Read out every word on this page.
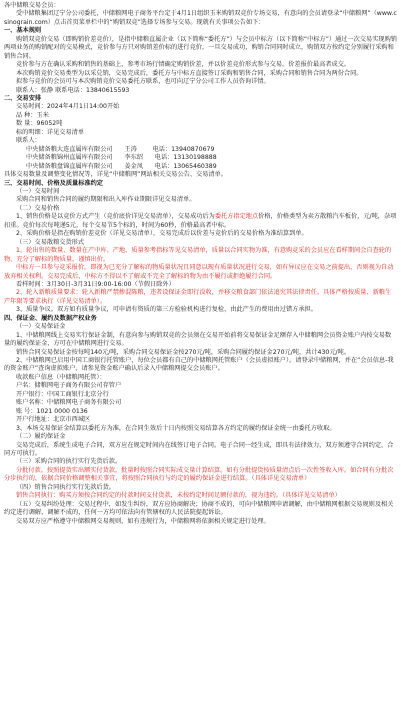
各中储粮交易会员：

受中储粮集团辽宁分公司委托，中储粮网电子商务平台定于4月1日组织玉米购销双竞价专场交易，有意向的会员请登录“中储粮网”（www.csinograin.com）点击首页菜单栏中的“购销双竞”选择专场参与交易。现就有关事项公告如下：

一、基本规则

购销双竞价交易（即购销价差竞价），是指中储粮直属企业（以下简称“委托方”）与会员中标方（以下简称“中标方”）通过一次交易实现购销两项业务的购销配对的交易模式，竞价参与方只对购销差价标的进行竞价，一旦交易成功，购销合同同时成立，购销双方按约定分别履行采购和销售合同。

竞价参与方在确认采购和销售的基础上，参考市场行情确定购销价差，并以价差竞价形式参与交易，价差报价最高者成交。

本次购销竞价交易类型为以采兑销，交易完成后，委托方与中标方直接签订采购和销售合同，采购合同和销售合同为两份合同。

拟参与竞价的会员可与本次购销竞价交易委托方联系，也可向辽宁分公司工作人员咨询详情。

联系人：张静 联系电话：13840615593

二、交易安排

交易时间：2024年4月1日14:00开始

品 种：玉米

数 量：96052吨

标的明细：详见交易清单

联系人：

中央储备粮大连直属库有限公司      王涛        电话：13940870679

中央储备粮锦州直属库有限公司      李东绍      电话：13130198888

中央储备粮盘锦直属库有限公司      姜金凤      电话：13065460389

具体交易数量及调整变化情况等，详见“中储粮网”网站相关交易公告、交易清单。

三、交易时间、价格及质量标准约定

（一）交易时间

采购合同和销售合同的履约期限和出入库作业期限详见交易清单。

（二）交易价格

1、销售价格是以竞价方式产生（竞价底价详见交易清单），交易成功后为委托方指定地点价格，价格类型为卖方散粮汽车板价，元/吨，杂项扣重。竞价每次每吨递5元，每个交易节5个标的，时间为60秒，价格最高者中标。

2、采购价格是指在购销价差竞价（详见交易清单），交易完成后以价差与竞价后的交易价格为准结算到单。

（三）交易散粮交货形式

1、轮出售的数量、数量在产中库、产地、质量参考指标等见交易清单，质量以合同实物为准，有意购竞采的会员应在看样期间会自查轮的物，充分了解标的物质量，谨慎出价。

中标方一旦参与竞采报价，即视为已充分了解标的物质量状况且同意以现有质量状况进行交易，如有异议应在交易之前提出，否则视为自动放弃相关权利。交易完成后，中标方不得以不了解或不完全了解标的物为由不履行或拒绝履行合同。

看样时间：3月30日-3月31日9:00-16:00（节假日除外）

2、轮入新粮质量要求：轮入新粮严禁掺混陈粮，违者设保证金即行没收，并移交粮食部门依法追究其法律责任。具体严格按质量、新粮生产年限等要求执行（详见交易清单）。

3、质量争议。双方如有质量争议，可申请有资质的第三方检验机构进行复检，由此产生的费用由过错方承担。

四、保证金、履约及数据产权业务

（一）交易保证金

1、中储粮网线上交易实行保证金制，有意向参与购销双竞的会员须在交易开始前将交易保证金足额存入中储粮网会员资金账户内按交易数量的履约保证金，方可在中储粮网进行交易。

销售合同交易保证金按每吨140元/吨，采购合同交易保证金按270元/吨，采购合同履约保证金270元/吨，共计430元/吨。

2、中储粮网已启用中国工商银行托管账户，每位会员都有自己的中储粮网托管账户（会员虚拟账户）。请登录中储粮网，并在“会员信息-我的资金账户”查询虚拟账户，请参见资金账户确认后录入中储粮网提交会员账户。

收款账户信息（中储粮网托管）：

户名：储粮网电子商务有限公司存管户

开户银行：中国工商银行北京分行

账户名称：中储粮网电子商务有限公司

账 号：1021 0000 0136

开户行地址：北京市西城区

3、本场交易保证金结算以委托方为准，在合同生效后十日内按照交易结算各方约定的履约保证金统一由委托方收取。

（二）履约保证金

交易完成后，系统生成电子合同，双方应在规定时间内在线签订电子合同。电子合同一经生成，即具有法律效力，双方须遵守合同约定，合同方可执行。

（三）采购合同的执行实行先货后款。

分批付款。按照提货实出额实付货款，批量时按照合同实际成交量计算结算。如有分批提货按质量清点后一次性签收入库。如合同有分批次分步执行的，依据合同价格调整相关事宜，将按照合同执行与约定的履约保证金进行结算。（具体详见交易清单）

（四）销售合同执行实行先款后货。

销售合同执行：购买方须按合同约定的付款时间支付货款，未按约定时间足额付款的，视为违约。（具体详见交易清单）

（五）交易纠纷处理：交易过程中，如发生纠纷，双方应协商解决；协商不成的，可向中储粮网申请调解，由中储粮网根据交易规则及相关约定进行调解，调解不成的，任何一方均可依法向有管辖权的人民法院提起诉讼。

交易双方应严格遵守中储粮网交易规则，如有违规行为，中储粮网将依据相关规定进行处理。
